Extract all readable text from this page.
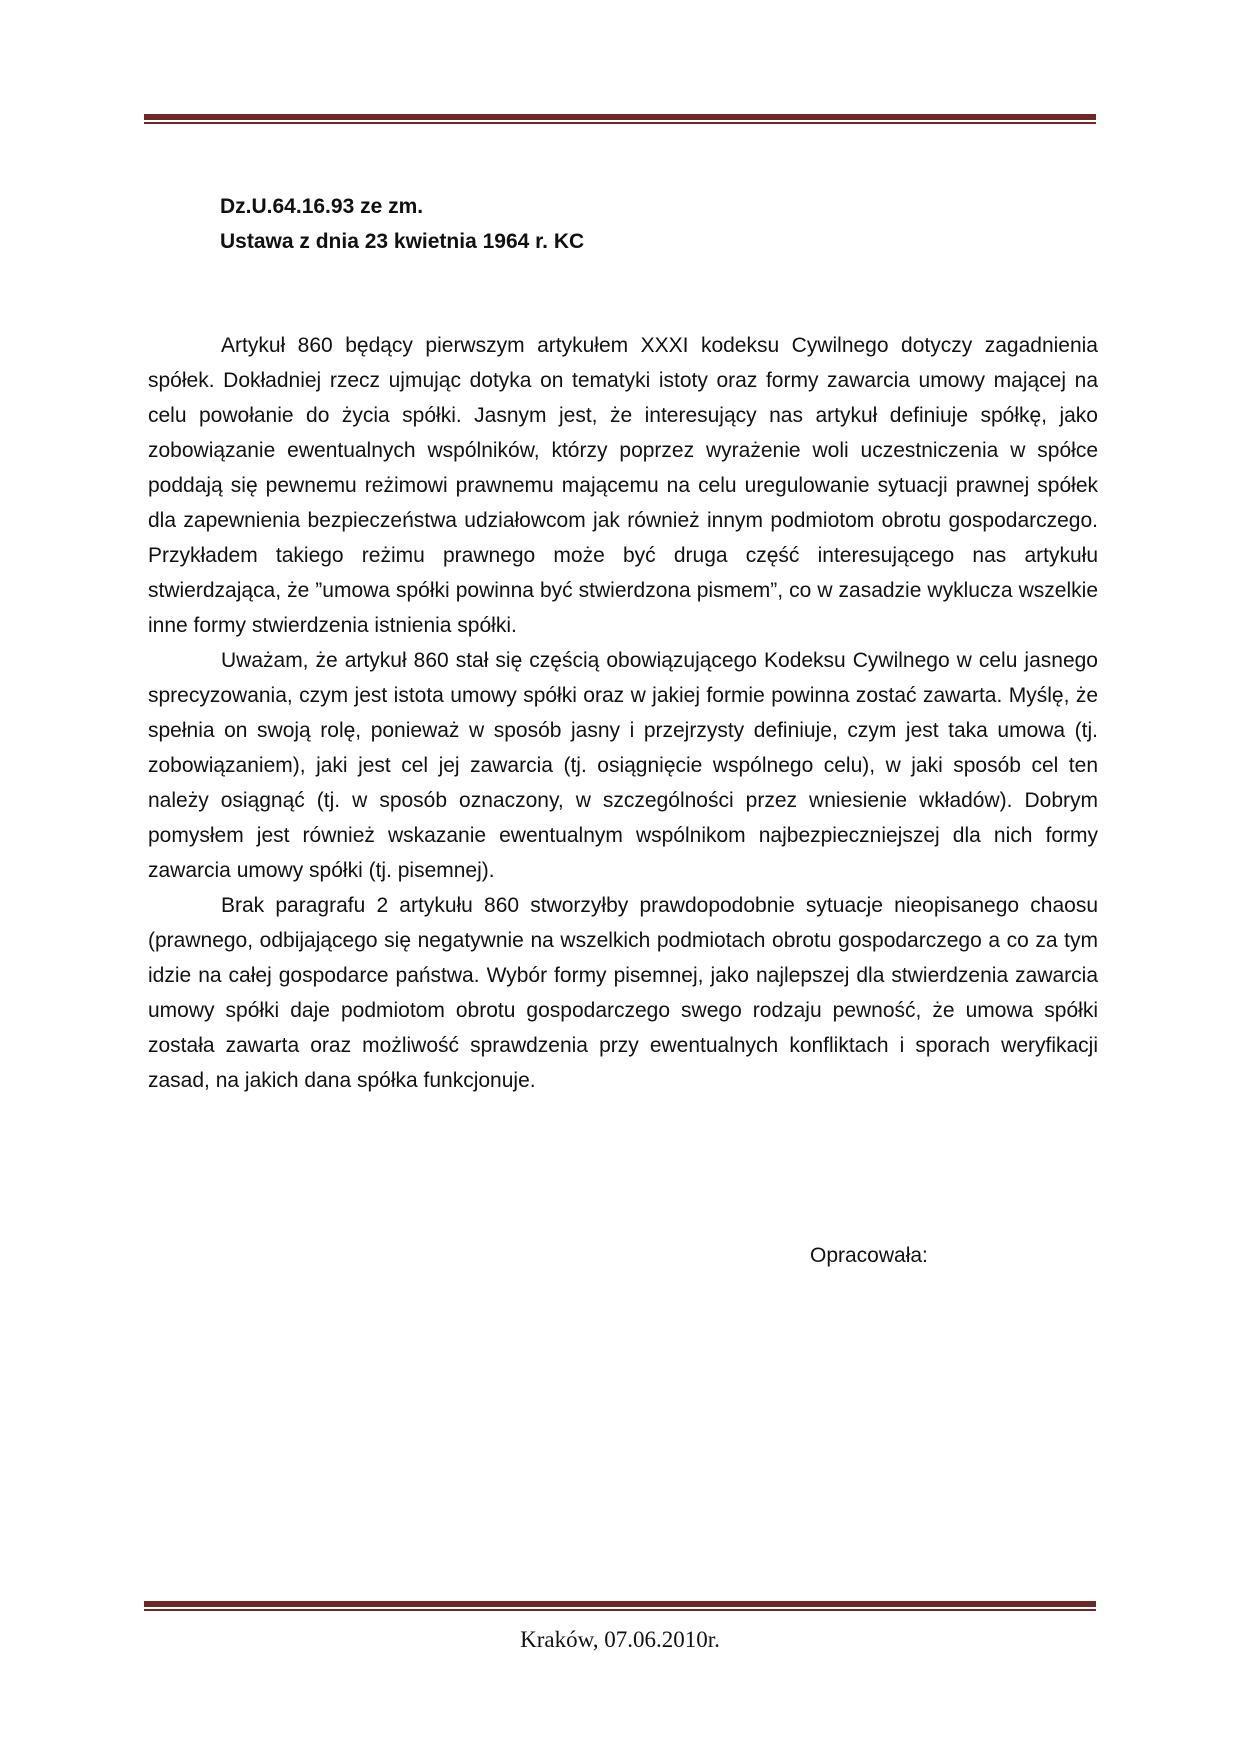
Dz.U.64.16.93 ze zm.
Ustawa z dnia 23 kwietnia 1964 r. KC

Artykuł 860 będący pierwszym artykułem XXXI kodeksu Cywilnego dotyczy zagadnienia spółek. Dokładniej rzecz ujmując dotyka on tematyki istoty oraz formy zawarcia umowy mającej na celu powołanie do życia spółki. Jasnym jest, że interesujący nas artykuł definiuje spółkę, jako zobowiązanie ewentualnych wspólników, którzy poprzez wyrażenie woli uczestniczenia w spółce poddają się pewnemu reżimowi prawnemu mającemu na celu uregulowanie sytuacji prawnej spółek dla zapewnienia bezpieczeństwa udziałowcom jak również innym podmiotom obrotu gospodarczego. Przykładem takiego reżimu prawnego może być druga część interesującego nas artykułu stwierdzająca, że ”umowa spółki powinna być stwierdzona pismem”, co w zasadzie wyklucza wszelkie inne formy stwierdzenia istnienia spółki.

Uważam, że artykuł 860 stał się częścią obowiązującego Kodeksu Cywilnego w celu jasnego sprecyzowania, czym jest istota umowy spółki oraz w jakiej formie powinna zostać zawarta. Myślę, że spełnia on swoją rolę, ponieważ w sposób jasny i przejrzysty definiuje, czym jest taka umowa (tj. zobowiązaniem), jaki jest cel jej zawarcia (tj. osiągnięcie wspólnego celu), w jaki sposób cel ten należy osiągnąć (tj. w sposób oznaczony, w szczególności przez wniesienie wkładów). Dobrym pomysłem jest również wskazanie ewentualnym wspólnikom najbezpieczniejszej dla nich formy zawarcia umowy spółki (tj. pisemnej).

Brak paragrafu 2 artykułu 860 stworzyłby prawdopodobnie sytuacje nieopisanego chaosu (prawnego, odbijającego się negatywnie na wszelkich podmiotach obrotu gospodarczego a co za tym idzie na całej gospodarce państwa. Wybór formy pisemnej, jako najlepszej dla stwierdzenia zawarcia umowy spółki daje podmiotom obrotu gospodarczego swego rodzaju pewność, że umowa spółki została zawarta oraz możliwość sprawdzenia przy ewentualnych konfliktach i sporach weryfikacji zasad, na jakich dana spółka funkcjonuje.

Opracowała:
Kraków, 07.06.2010r.
